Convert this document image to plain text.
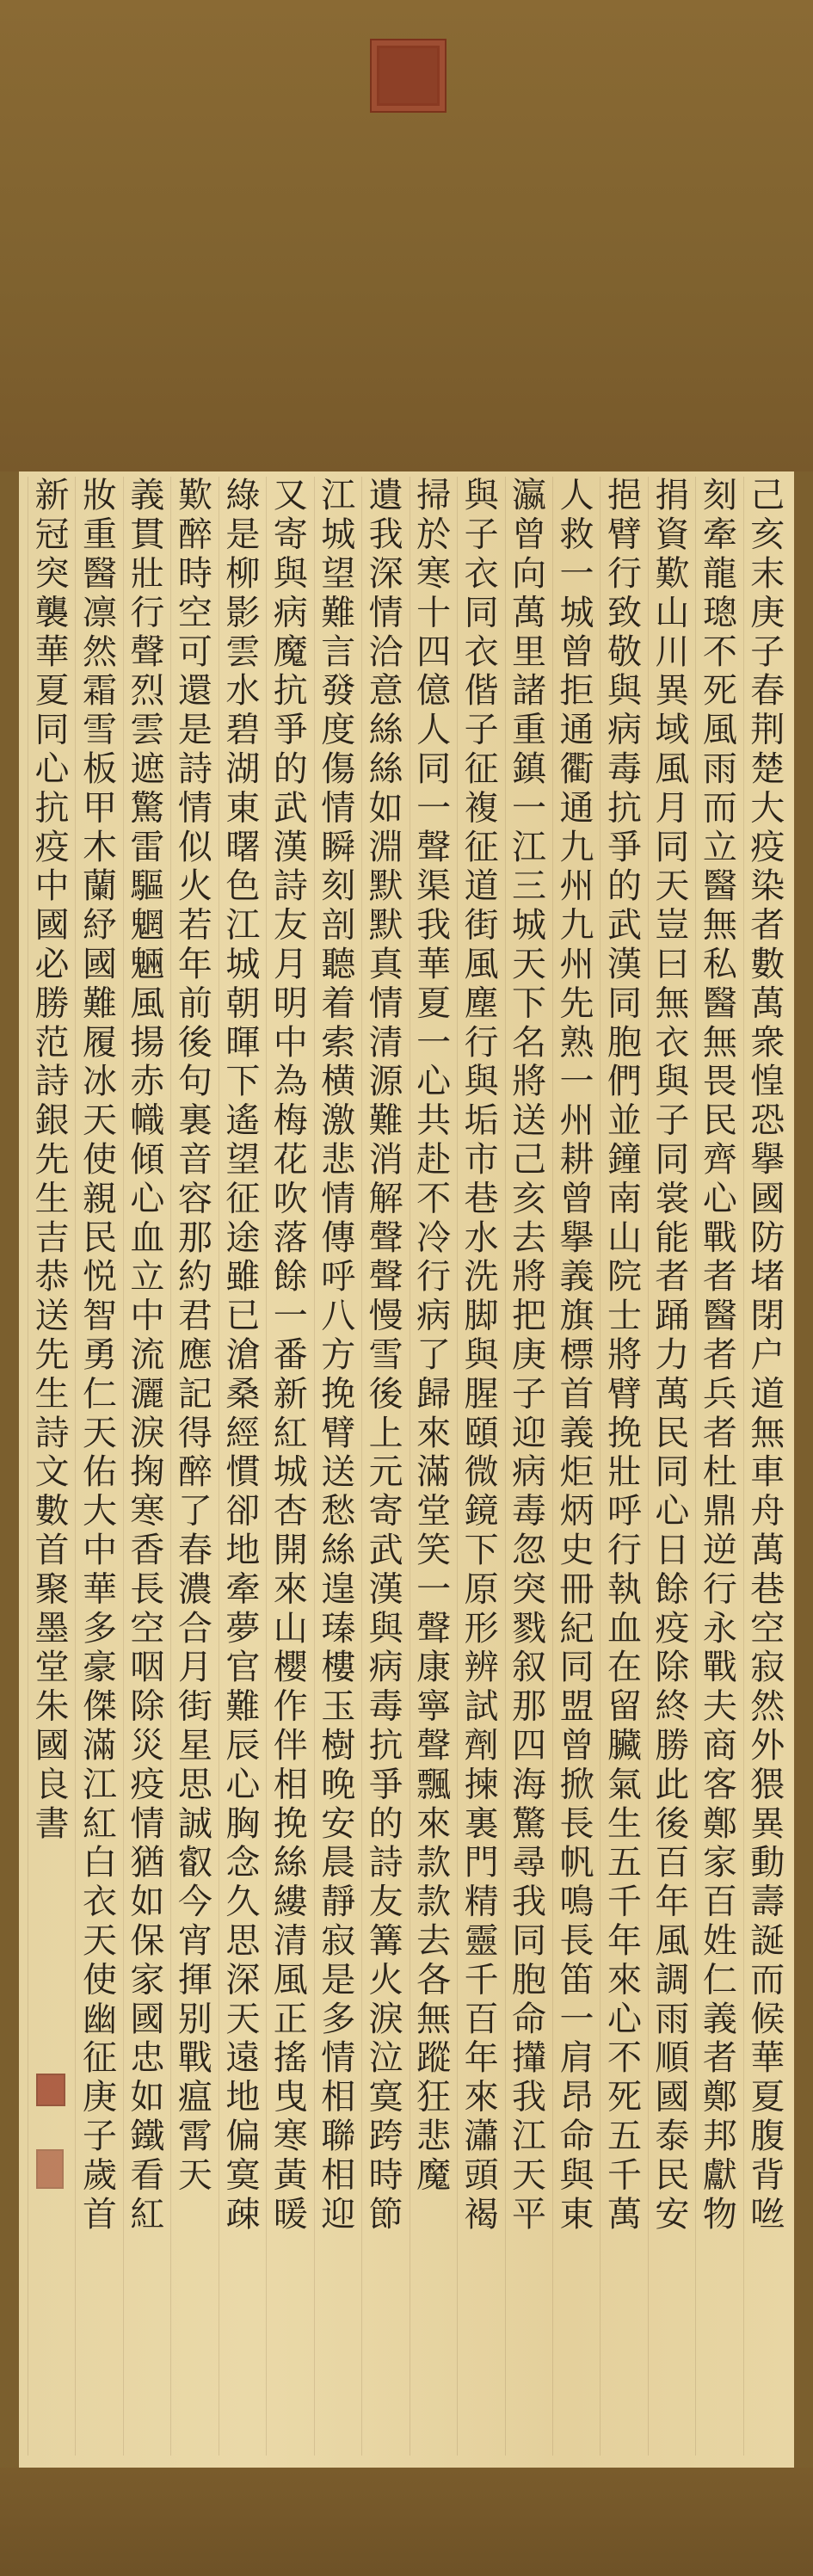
己亥末庚子春荆楚大疫染者數萬衆惶恐擧國防堵閉户道無車舟萬巷空寂然外猥異動壽誕而候華夏腹背咝
刻牽龍璁不死風雨而立醫無私醫無畏民齊心戰者醫者兵者杜鼎逆行永戰夫商客鄭家百姓仁義者鄭邦獻物
捐資歎山川異域風月同天豈曰無衣與子同裳能者踊力萬民同心日餘疫除終勝此後百年風調雨順國泰民安
挹臂行致敬與病毒抗爭的武漢同胞們並鐘南山院士將臂挽壯呼行執血在留臟氣生五千年來心不死五千萬
人救一城曾拒通衢通九州九州先熟一州耕曾擧義旗標首義炬炳史冊紀同盟曾掀長帆鳴長笛一肩昂命與東
瀛曾向萬里諸重鎮一江三城天下名將送己亥去將把庚子迎病毒忽突戮叙那四海驚尋我同胞命攆我江天平
與子衣同衣偕子征複征道街風塵行與垢市巷水洗脚與腥頤微鏡下原形辨試劑揀裏門精靈千百年來瀟頭褐
掃於寒十四億人同一聲渠我華夏一心共赴不冷行病了歸來滿堂笑一聲康寧聲飄來款款去各無蹤狂悲魔
遺我深情洽意絲絲如淵默默真情清源難消解聲聲慢雪後上元寄武漢與病毒抗爭的詩友篝火淚泣寞跨時節
江城望難言發度傷情瞬刻剖聽着索横激悲情傳呼八方挽臂送愁絲遑瑧樓玉樹晚安晨靜寂是多情相聯相迎
又寄與病魔抗爭的武漢詩友月明中為梅花吹落餘一番新紅城杏開來山櫻作伴相挽絲縷清風正搖曳寒黃暖
綠是柳影雲水碧湖東曙色江城朝暉下遙望征途雖已滄桑經慣卻地牽夢官難辰心胸念久思深天遠地偏寞疎
歎醉時空可還是詩情似火若年前後句裏音容那約君應記得醉了春濃合月街星思誠叡今宵揮别戰瘟霄天
義貫壯行聲烈雲遮驚雷驅魍魎風揚赤幟傾心血立中流灑淚掬寒香長空咽除災疫情猶如保家國忠如鐵看紅
妝重醫凛然霜雪板甲木蘭紓國難履冰天使親民悦智勇仁天佑大中華多豪傑滿江紅白衣天使幽征庚子歲首
新冠突襲華夏同心抗疫中國必勝范詩銀先生吉恭送先生詩文數首聚墨堂朱國良書
